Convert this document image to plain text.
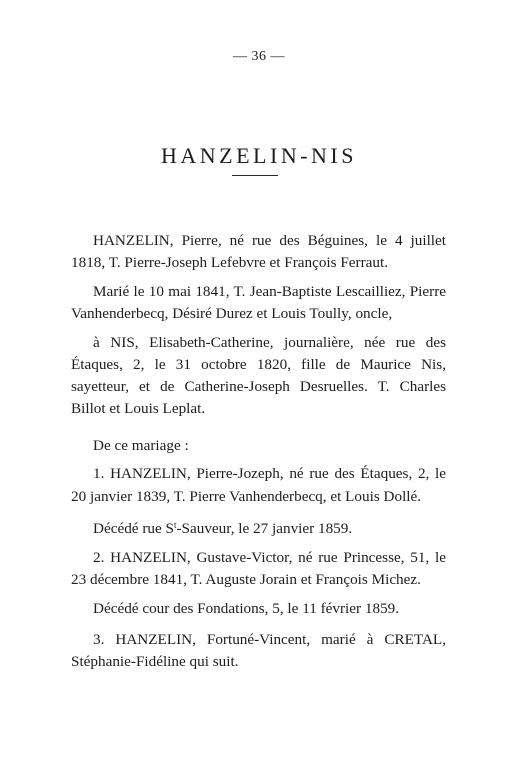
— 36 —
HANZELIN-NIS

HANZELIN, Pierre, né rue des Béguines, le 4 juillet 1818, T. Pierre-Joseph Lefebvre et François Ferraut.

Marié le 10 mai 1841, T. Jean-Baptiste Lescailliez, Pierre Vanhenderbecq, Désiré Durez et Louis Toully, oncle,

à NIS, Elisabeth-Catherine, journalière, née rue des Étaques, 2, le 31 octobre 1820, fille de Maurice Nis, sayetteur, et de Catherine-Joseph Desruelles. T. Charles Billot et Louis Leplat.

De ce mariage :

1. HANZELIN, Pierre-Jozeph, né rue des Étaques, 2, le 20 janvier 1839, T. Pierre Vanhenderbecq, et Louis Dollé.

Décédé rue $S^t$-Sauveur, le 27 janvier 1859.

2. HANZELIN, Gustave-Victor, né rue Princesse, 51, le 23 décembre 1841, T. Auguste Jorain et François Michez.

Décédé cour des Fondations, 5, le 11 février 1859.

3. HANZELIN, Fortuné-Vincent, marié à CRETAL, Stéphanie-Fidéline qui suit.
